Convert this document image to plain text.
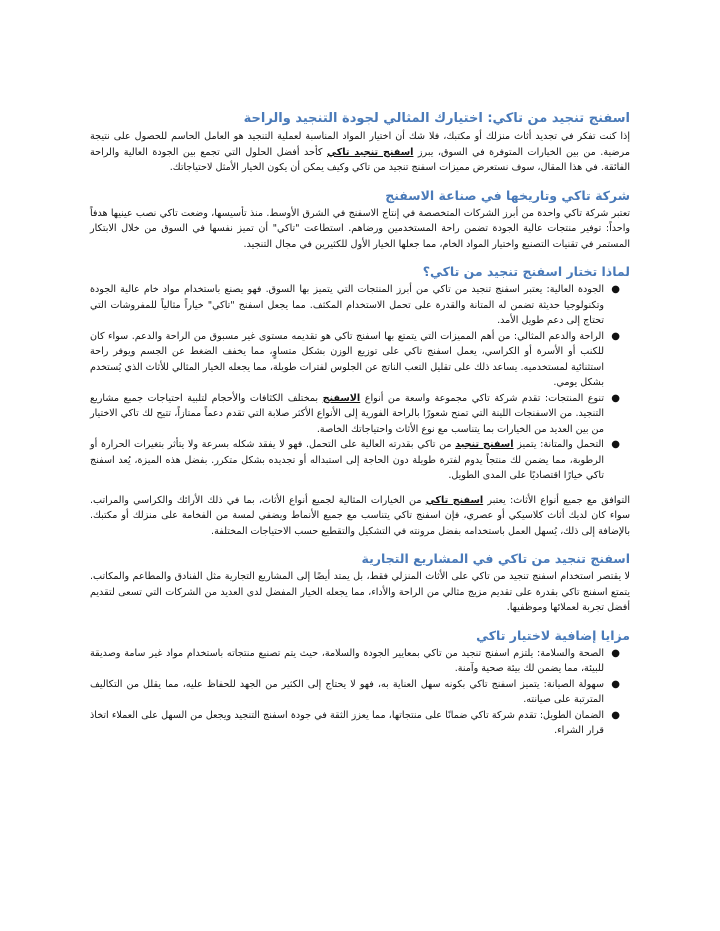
اسفنج تنجيد من تاكي: اختيارك المثالي لجودة التنجيد والراحة

إذا كنت تفكر في تجديد أثاث منزلك أو مكتبك، فلا شك أن اختيار المواد المناسبة لعملية التنجيد هو العامل الحاسم للحصول على نتيجة مرضية. من بين الخيارات المتوفرة في السوق، يبرز اسفنج تنجيد تاكي كأحد أفضل الحلول التي تجمع بين الجودة العالية والراحة الفائقة. في هذا المقال، سوف نستعرض مميزات اسفنج تنجيد من تاكي وكيف يمكن أن يكون الخيار الأمثل لاحتياجاتك.

شركة تاكي وتاريخها في صناعة الاسفنج

تعتبر شركة تاكي واحدة من أبرز الشركات المتخصصة في إنتاج الاسفنج في الشرق الأوسط. منذ تأسيسها، وضعت تاكي نصب عينيها هدفاً واحداً: توفير منتجات عالية الجودة تضمن راحة المستخدمين ورضاهم. استطاعت "تاكي" أن تميز نفسها في السوق من خلال الابتكار المستمر في تقنيات التصنيع واختيار المواد الخام، مما جعلها الخيار الأول للكثيرين في مجال التنجيد.

لماذا تختار اسفنج تنجيد من تاكي؟
●
الجودة العالية: يعتبر اسفنج تنجيد من تاكي من أبرز المنتجات التي يتميز بها السوق. فهو يصنع باستخدام مواد خام عالية الجودة وتكنولوجيا حديثة تضمن له المتانة والقدرة على تحمل الاستخدام المكثف. مما يجعل اسفنج "تاكي" خياراً مثالياً للمفروشات التي تحتاج إلى دعم طويل الأمد.
●
الراحة والدعم المثالي: من أهم المميزات التي يتمتع بها اسفنج تاكي هو تقديمه مستوى غير مسبوق من الراحة والدعم. سواء كان للكنب أو الأسرة أو الكراسي، يعمل اسفنج تاكي على توزيع الوزن بشكل متساوٍ، مما يخفف الضغط عن الجسم ويوفر راحة استثنائية لمستخدميه. يساعد ذلك على تقليل التعب الناتج عن الجلوس لفترات طويلة، مما يجعله الخيار المثالي للأثاث الذي يُستخدم بشكل يومي.
●
تنوع المنتجات: تقدم شركة تاكي مجموعة واسعة من أنواع الاسفنج بمختلف الكثافات والأحجام لتلبية احتياجات جميع مشاريع التنجيد. من الاسفنجات اللينة التي تمنح شعورًا بالراحة الفورية إلى الأنواع الأكثر صلابة التي تقدم دعماً ممتازاً، تتيح لك تاكي الاختيار من بين العديد من الخيارات بما يتناسب مع نوع الأثاث واحتياجاتك الخاصة.
●
التحمل والمتانة: يتميز اسفنج تنجيد من تاكي بقدرته العالية على التحمل. فهو لا يفقد شكله بسرعة ولا يتأثر بتغيرات الحرارة أو الرطوبة، مما يضمن لك منتجاً يدوم لفترة طويلة دون الحاجة إلى استبداله أو تجديده بشكل متكرر. بفضل هذه الميزة، يُعد اسفنج تاكي خيارًا اقتصاديًا على المدى الطويل.

التوافق مع جميع أنواع الأثاث: يعتبر اسفنج تاكي من الخيارات المثالية لجميع أنواع الأثاث، بما في ذلك الأرائك والكراسي والمراتب. سواء كان لديك أثاث كلاسيكي أو عصري، فإن اسفنج تاكي يتناسب مع جميع الأنماط ويضفي لمسة من الفخامة على منزلك أو مكتبك. بالإضافة إلى ذلك، يُسهل العمل باستخدامه بفضل مرونته في التشكيل والتقطيع حسب الاحتياجات المختلفة.

اسفنج تنجيد من تاكي في المشاريع التجارية

لا يقتصر استخدام اسفنج تنجيد من تاكي على الأثاث المنزلي فقط، بل يمتد أيضًا إلى المشاريع التجارية مثل الفنادق والمطاعم والمكاتب. يتمتع اسفنج تاكي بقدرة على تقديم مزيج مثالي من الراحة والأداء، مما يجعله الخيار المفضل لدى العديد من الشركات التي تسعى لتقديم أفضل تجربة لعملائها وموظفيها.

مزايا إضافية لاختيار تاكي
●
الصحة والسلامة: يلتزم اسفنج تنجيد من تاكي بمعايير الجودة والسلامة، حيث يتم تصنيع منتجاته باستخدام مواد غير سامة وصديقة للبيئة، مما يضمن لك بيئة صحية وآمنة.
●
سهولة الصيانة: يتميز اسفنج تاكي بكونه سهل العناية به، فهو لا يحتاج إلى الكثير من الجهد للحفاظ عليه، مما يقلل من التكاليف المترتبة على صيانته.
●
الضمان الطويل: تقدم شركة تاكي ضمانًا على منتجاتها، مما يعزز الثقة في جودة اسفنج التنجيد ويجعل من السهل على العملاء اتخاذ قرار الشراء.
